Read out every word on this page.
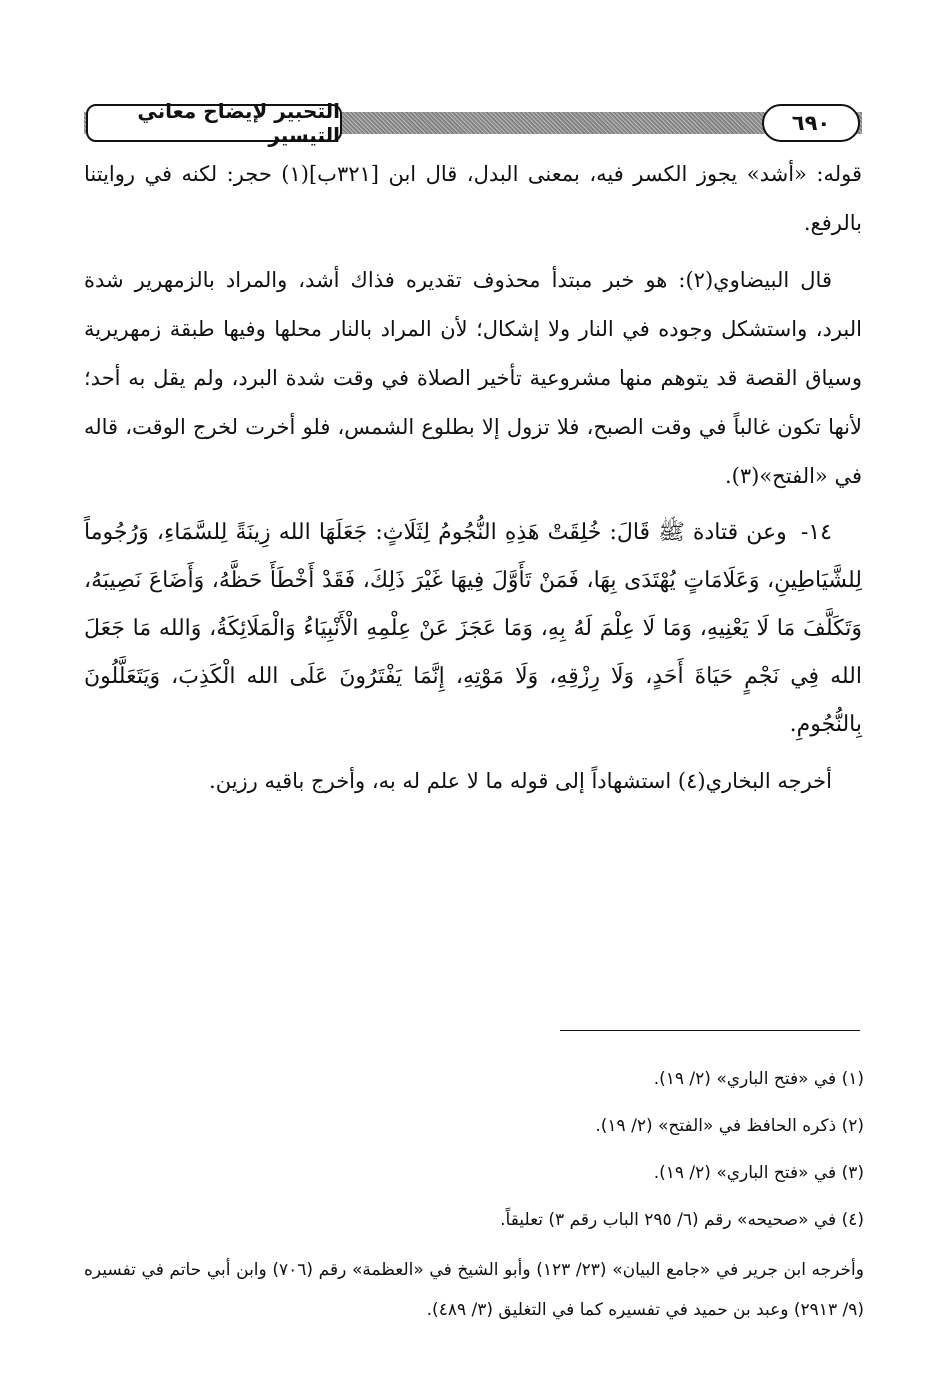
التحبير لإيضاح معاني التيسير	٦٩٠

قوله: «أشد» يجوز الكسر فيه، بمعنى البدل، قال ابن [٣٢١ب](١) حجر: لكنه في روايتنا بالرفع.

قال البيضاوي(٢): هو خبر مبتدأ محذوف تقديره فذاك أشد، والمراد بالزمهرير شدة البرد، واستشكل وجوده في النار ولا إشكال؛ لأن المراد بالنار محلها وفيها طبقة زمهريرية وسياق القصة قد يتوهم منها مشروعية تأخير الصلاة في وقت شدة البرد، ولم يقل به أحد؛ لأنها تكون غالباً في وقت الصبح، فلا تزول إلا بطلوع الشمس، فلو أخرت لخرج الوقت، قاله في «الفتح»(٣).

١٤- وعن قتادة ﷺ قَالَ: خُلِقَتْ هَذِهِ النُّجُومُ لِثَلَاثٍ: جَعَلَهَا الله زِينَةً لِلسَّمَاءِ، وَرُجُوماً لِلشَّيَاطِينِ، وَعَلَامَاتٍ يُهْتَدَى بِهَا، فَمَنْ تَأَوَّلَ فِيهَا غَيْرَ ذَلِكَ، فَقَدْ أَخْطَأَ حَظَّهُ، وَأَضَاعَ نَصِيبَهُ، وَتَكَلَّفَ مَا لَا يَعْنِيهِ، وَمَا لَا عِلْمَ لَهُ بِهِ، وَمَا عَجَزَ عَنْ عِلْمِهِ الْأَنْبِيَاءُ وَالْمَلَائِكَةُ، وَالله مَا جَعَلَ الله فِي نَجْمٍ حَيَاةَ أَحَدٍ، وَلَا رِزْقِهِ، وَلَا مَوْتِهِ، إِنَّمَا يَفْتَرُونَ عَلَى الله الْكَذِبَ، وَيَتَعَلَّلُونَ بِالنُّجُومِ.

أخرجه البخاري(٤) استشهاداً إلى قوله ما لا علم له به، وأخرج باقيه رزين.

(١) في «فتح الباري» (٢/ ١٩).

(٢) ذكره الحافظ في «الفتح» (٢/ ١٩).

(٣) في «فتح الباري» (٢/ ١٩).

(٤) في «صحيحه» رقم (٦/ ٢٩٥ الباب رقم ٣) تعليقاً.

وأخرجه ابن جرير في «جامع البيان» (٢٣/ ١٢٣) وأبو الشيخ في «العظمة» رقم (٧٠٦) وابن أبي حاتم في تفسيره (٩/ ٢٩١٣) وعبد بن حميد في تفسيره كما في التغليق (٣/ ٤٨٩).
